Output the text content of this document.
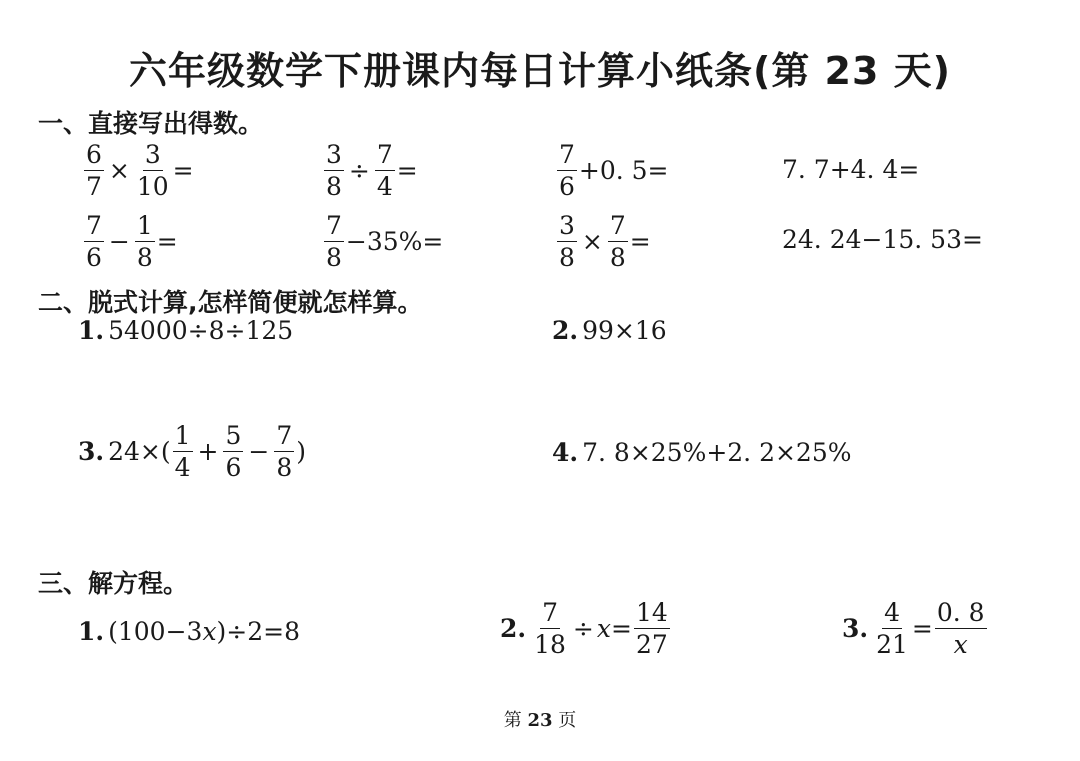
六年级数学下册课内每日计算小纸条(第 23 天)
一、直接写出得数。
$\frac{6}{7} \times \frac{3}{10}$ =	$\frac{3}{8} \div \frac{7}{4}$ =	$\frac{7}{6} +0$. 5=	7. 7+4. 4=
$\frac{7}{6} - \frac{1}{8}$ =	$\frac{7}{8} -35\%=$	$\frac{3}{8} \times \frac{7}{8}$ =	24. 24−15. 53=
二、脱式计算,怎样简便就怎样算。
1. 54000÷8÷125	2. 99×16
3. $24\times( \frac{1}{4} + \frac{5}{6} - \frac{7}{8}$ )	4. 7. 8×25%+2. 2×25%
三、解方程。
1. (100−3 x )÷2=8	2. $\frac{7}{18} \div x = \frac{14}{27}$	3. $\frac{4}{21} = \frac{0. 8}{x}$
第 23 页
